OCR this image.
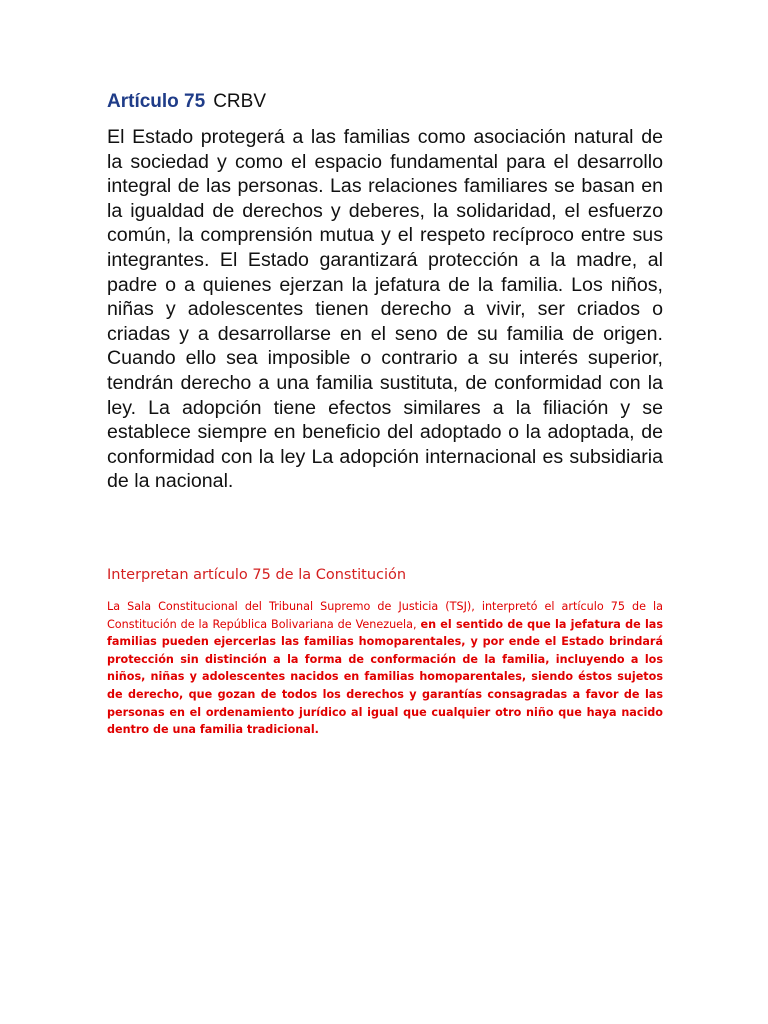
Artículo 75 CRBV

El Estado protegerá a las familias como asociación natural de la sociedad y como el espacio fundamental para el desarrollo integral de las personas. Las relaciones familiares se basan en la igualdad de derechos y deberes, la solidaridad, el esfuerzo común, la comprensión mutua y el respeto recíproco entre sus integrantes. El Estado garantizará protección a la madre, al padre o a quienes ejerzan la jefatura de la familia. Los niños, niñas y adolescentes tienen derecho a vivir, ser criados o criadas y a desarrollarse en el seno de su familia de origen. Cuando ello sea imposible o contrario a su interés superior, tendrán derecho a una familia sustituta, de conformidad con la ley. La adopción tiene efectos similares a la filiación y se establece siempre en beneficio del adoptado o la adoptada, de conformidad con la ley La adopción internacional es subsidiaria de la nacional.

Interpretan artículo 75 de la Constitución

La Sala Constitucional del Tribunal Supremo de Justicia (TSJ), interpretó el artículo 75 de la Constitución de la República Bolivariana de Venezuela, en el sentido de que la jefatura de las familias pueden ejercerlas las familias homoparentales, y por ende el Estado brindará protección sin distinción a la forma de conformación de la familia, incluyendo a los niños, niñas y adolescentes nacidos en familias homoparentales, siendo éstos sujetos de derecho, que gozan de todos los derechos y garantías consagradas a favor de las personas en el ordenamiento jurídico al igual que cualquier otro niño que haya nacido dentro de una familia tradicional.
